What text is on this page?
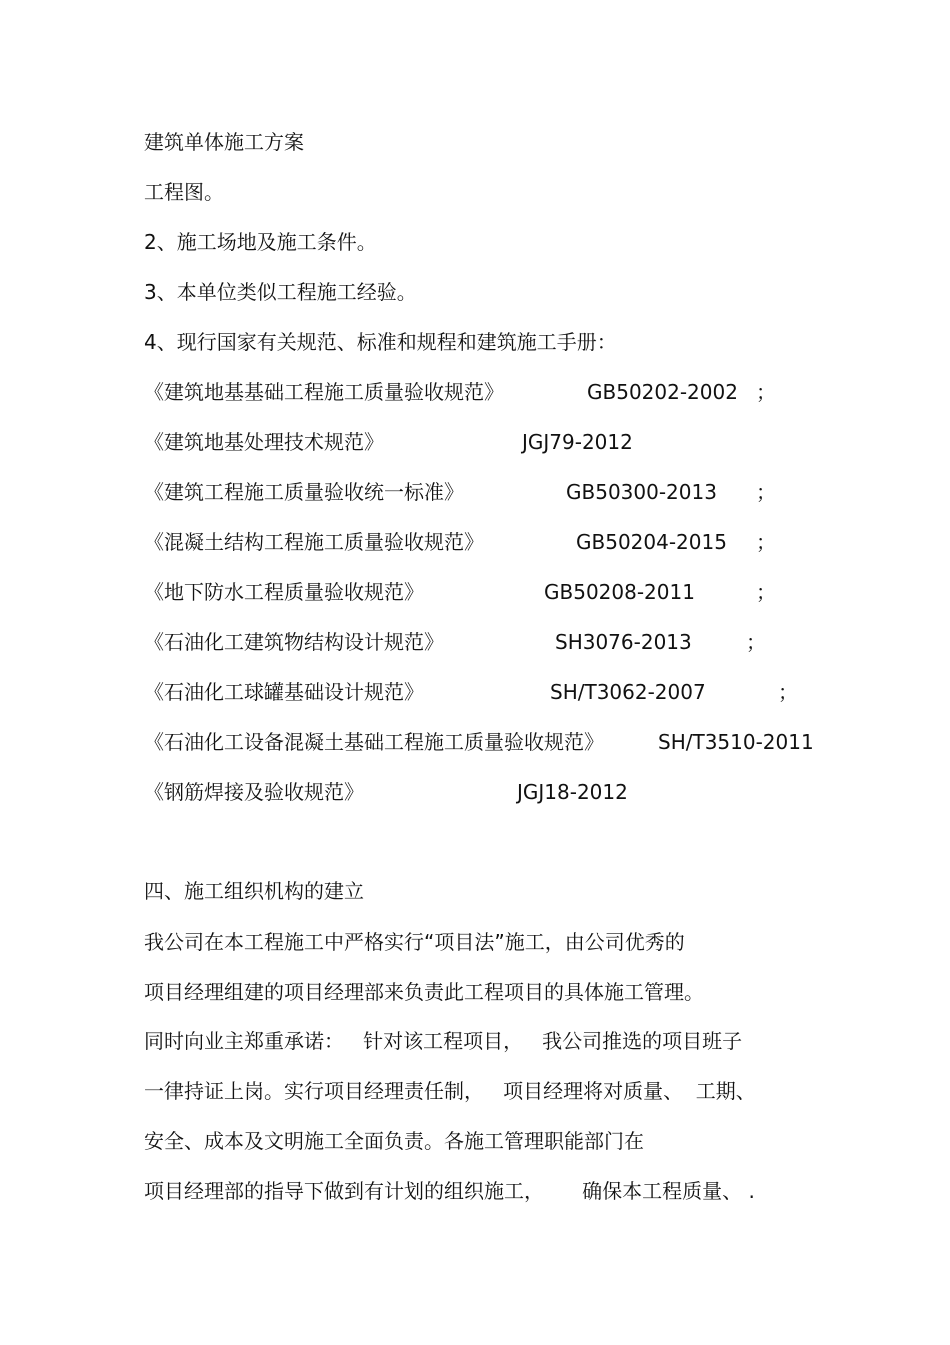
建筑单体施工方案
工程图。
2、施工场地及施工条件。
3、本单位类似工程施工经验。
4、现行国家有关规范、标准和规程和建筑施工手册：
《建筑地基基础工程施工质量验收规范》	GB50202-2002 ；
《建筑地基处理技术规范》	JGJ79-2012
《建筑工程施工质量验收统一标准》	GB50300-2013 ；
《混凝土结构工程施工质量验收规范》	GB50204-2015 ；
《地下防水工程质量验收规范》	GB50208-2011	；
《石油化工建筑物结构设计规范》	SH3076-2013	；
《石油化工球罐基础设计规范》	SH/T3062-2007	；
《石油化工设备混凝土基础工程施工质量验收规范》	SH/T3510-2011
《钢筋焊接及验收规范》	JGJ18-2012
四、施工组织机构的建立
我公司在本工程施工中严格实行“项目法”施工，由公司优秀的
项目经理组建的项目经理部来负责此工程项目的具体施工管理。
同时向业主郑重承诺：   针对该工程项目，   我公司推选的项目班子
一律持证上岗。实行项目经理责任制，   项目经理将对质量、  工期、
安全、成本及文明施工全面负责。各施工管理职能部门在
项目经理部的指导下做到有计划的组织施工，      确保本工程质量、 .
